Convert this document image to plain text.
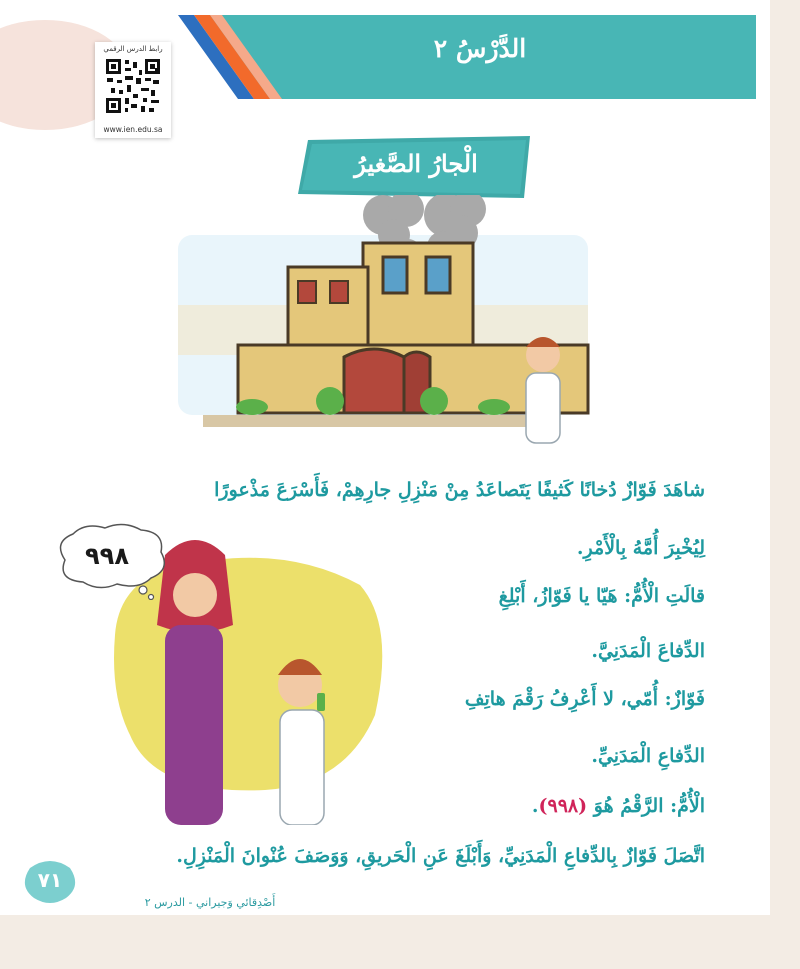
رابط الدرس الرقمي
www.ien.edu.sa
الدَّرْسُ ٢
الْجارُ الصَّغيرُ
٩٩٨
شاهَدَ فَوّازٌ دُخانًا كَثيفًا يَتَصاعَدُ مِنْ مَنْزِلِ جارِهِمْ، فَأَسْرَعَ مَذْعورًا
لِيُخْبِرَ أُمَّهُ بِالْأَمْرِ.
قالَتِ الْأُمُّ: هَيّا يا فَوّازُ، أَبْلِغِ
الدِّفاعَ الْمَدَنِيَّ.
فَوّازٌ: أُمّي، لا أَعْرِفُ رَقْمَ هاتِفِ
الدِّفاعِ الْمَدَنِيِّ.
الْأُمُّ: الرَّقْمُ هُوَ (٩٩٨).
اتَّصَلَ فَوّازٌ بِالدِّفاعِ الْمَدَنِيِّ، وَأَبْلَغَ عَنِ الْحَريقِ، وَوَصَفَ عُنْوانَ الْمَنْزِلِ.
٧١
أَصْدِقائي وَجيراني - الدرس ٢
